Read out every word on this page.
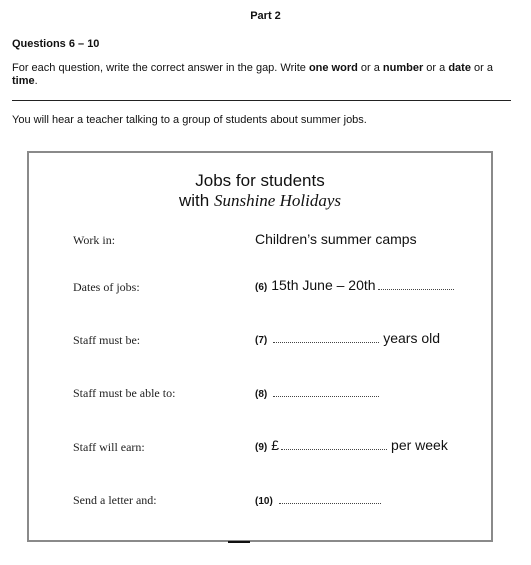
Part 2
Questions 6 – 10
For each question, write the correct answer in the gap. Write one word or a number or a date or a time.
You will hear a teacher talking to a group of students about summer jobs.
Jobs for students
with Sunshine Holidays
Work in:	Children’s summer camps
Dates of jobs:	(6) 15th June – 20th
Staff must be:	(7)	years old
Staff must be able to:	(8)
Staff will earn:	(9) £	per week
Send a letter and:	(10)
